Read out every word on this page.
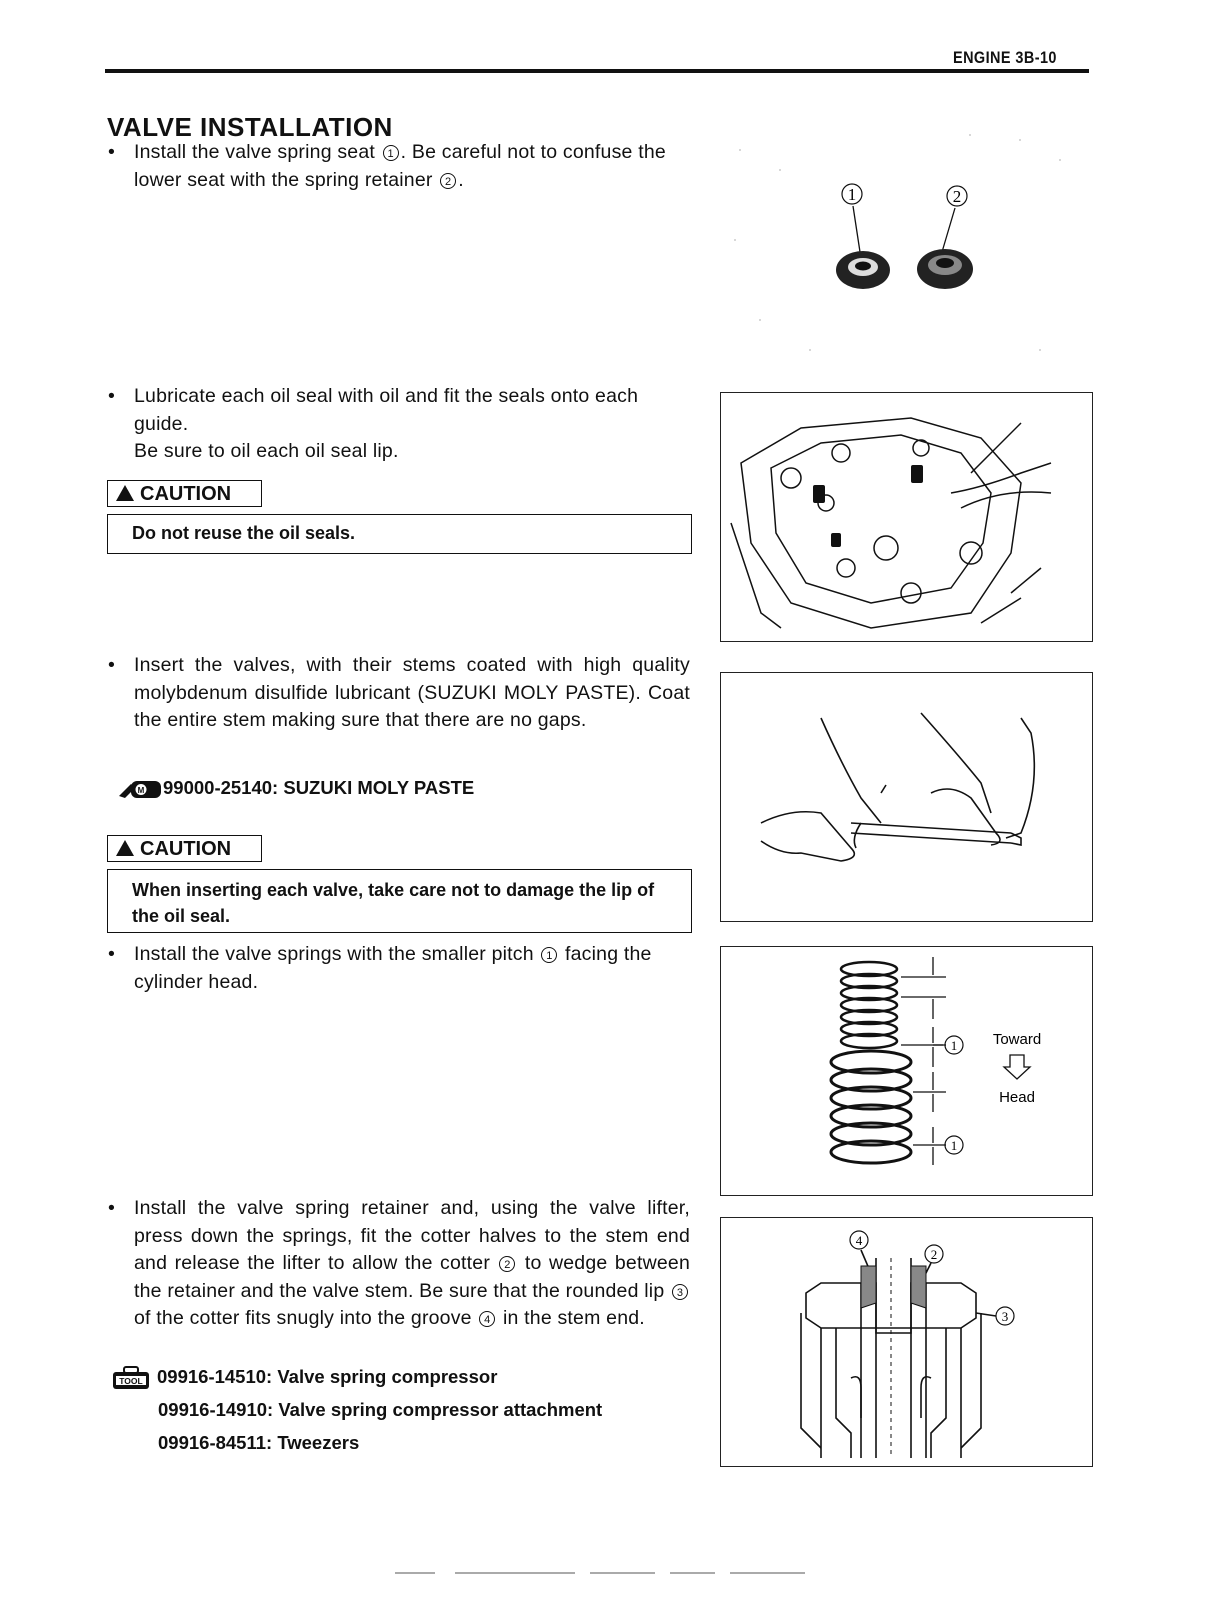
ENGINE 3B-10
VALVE INSTALLATION
• Install the valve spring seat 1 . Be careful not to confuse the lower seat with the spring retainer 2 .
• Lubricate each oil seal with oil and fit the seals onto each guide.
Be sure to oil each oil seal lip.
CAUTION
Do not reuse the oil seals.
• Insert the valves, with their stems coated with high quality molybdenum disulfide lubricant (SUZUKI MOLY PASTE). Coat the entire stem making sure that there are no gaps.
M 99000-25140: SUZUKI MOLY PASTE
CAUTION
When inserting each valve, take care not to damage the lip of the oil seal.
• Install the valve springs with the smaller pitch 1 facing the cylinder head.
• Install the valve spring retainer and, using the valve lifter, press down the springs, fit the cotter halves to the stem end and release the lifter to allow the cotter 2 to wedge between the retainer and the valve stem. Be sure that the rounded lip 3 of the cotter fits snugly into the groove 4 in the stem end.
TOOL 09916-14510: Valve spring compressor
09916-14910: Valve spring compressor attachment
09916-84511: Tweezers
1	2
1
1
Toward
Head
4
2
3
